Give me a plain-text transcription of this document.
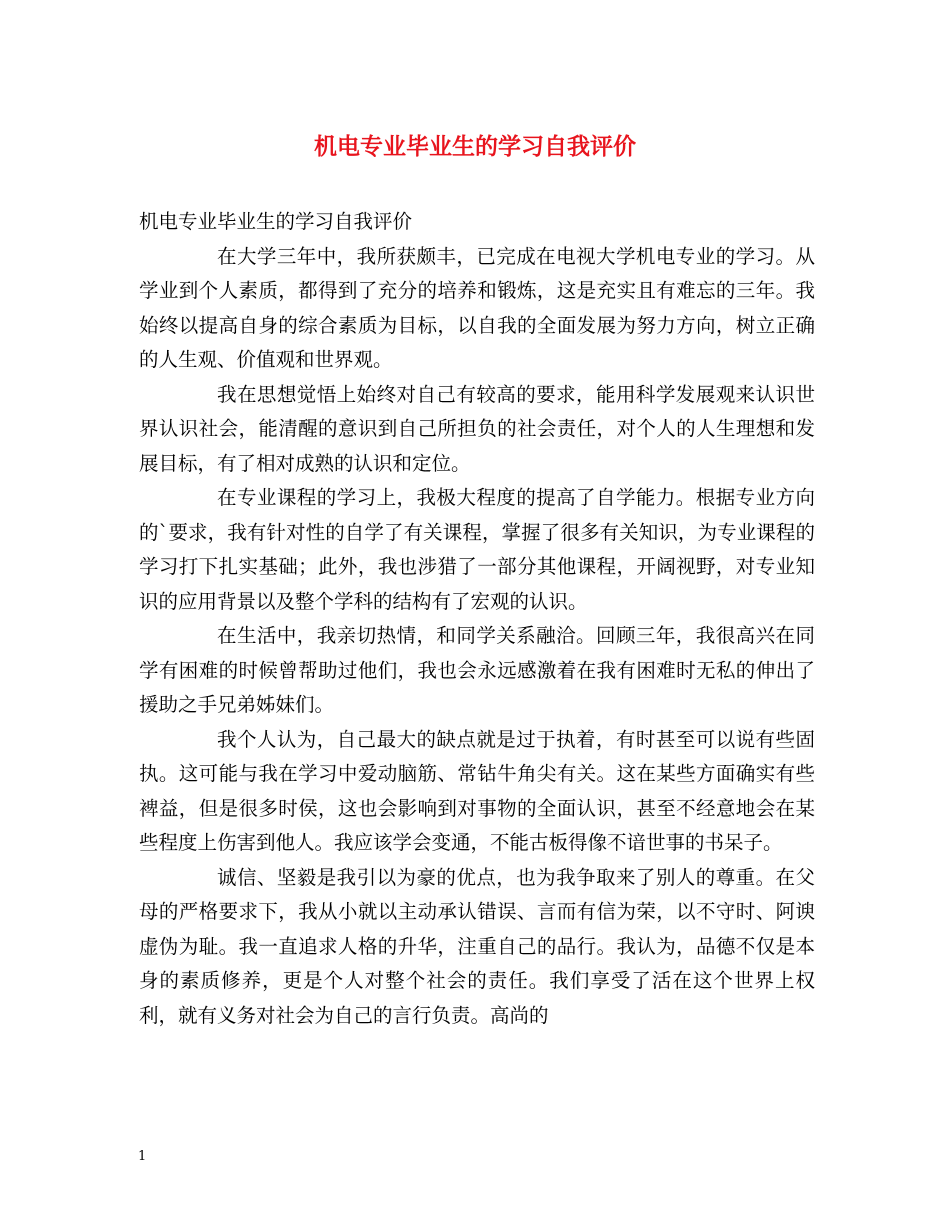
机电专业毕业生的学习自我评价

机电专业毕业生的学习自我评价

在大学三年中，我所获颇丰，已完成在电视大学机电专业的学习。从学业到个人素质，都得到了充分的培养和锻炼，这是充实且有难忘的三年。我始终以提高自身的综合素质为目标，以自我的全面发展为努力方向，树立正确的人生观、价值观和世界观。

我在思想觉悟上始终对自己有较高的要求，能用科学发展观来认识世界认识社会，能清醒的意识到自己所担负的社会责任，对个人的人生理想和发展目标，有了相对成熟的认识和定位。

在专业课程的学习上，我极大程度的提高了自学能力。根据专业方向的`要求，我有针对性的自学了有关课程，掌握了很多有关知识，为专业课程的学习打下扎实基础；此外，我也涉猎了一部分其他课程，开阔视野，对专业知识的应用背景以及整个学科的结构有了宏观的认识。

在生活中，我亲切热情，和同学关系融洽。回顾三年，我很高兴在同学有困难的时候曾帮助过他们，我也会永远感激着在我有困难时无私的伸出了援助之手兄弟姊妹们。

我个人认为，自己最大的缺点就是过于执着，有时甚至可以说有些固执。这可能与我在学习中爱动脑筋、常钻牛角尖有关。这在某些方面确实有些裨益，但是很多时侯，这也会影响到对事物的全面认识，甚至不经意地会在某些程度上伤害到他人。我应该学会变通，不能古板得像不谙世事的书呆子。

诚信、坚毅是我引以为豪的优点，也为我争取来了别人的尊重。在父母的严格要求下，我从小就以主动承认错误、言而有信为荣，以不守时、阿谀虚伪为耻。我一直追求人格的升华，注重自己的品行。我认为，品德不仅是本身的素质修养，更是个人对整个社会的责任。我们享受了活在这个世界上权利，就有义务对社会为自己的言行负责。高尚的

1
